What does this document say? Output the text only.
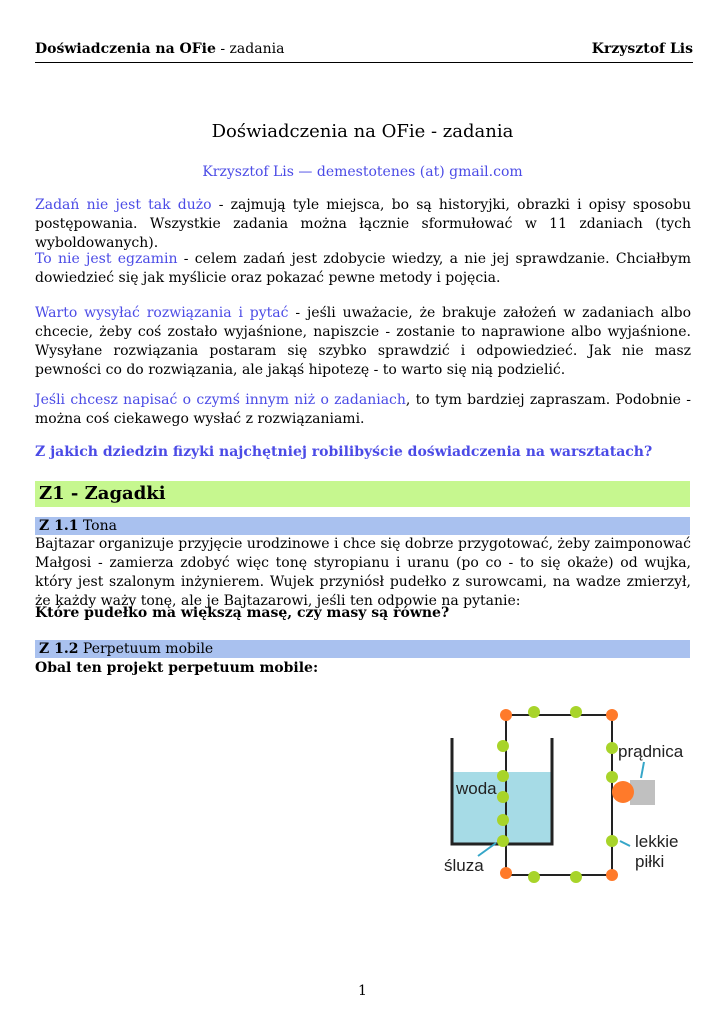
Doświadczenia na OFie - zadania	Krzysztof Lis
Doświadczenia na OFie - zadania
Krzysztof Lis — demestotenes (at) gmail.com
Zadań nie jest tak dużo - zajmują tyle miejsca, bo są historyjki, obrazki i opisy sposobu postępowania. Wszystkie zadania można łącznie sformułować w 11 zdaniach (tych wyboldowanych).
To nie jest egzamin - celem zadań jest zdobycie wiedzy, a nie jej sprawdzanie. Chciałbym dowiedzieć się jak myślicie oraz pokazać pewne metody i pojęcia.
Warto wysyłać rozwiązania i pytać - jeśli uważacie, że brakuje założeń w zadaniach albo chcecie, żeby coś zostało wyjaśnione, napiszcie - zostanie to naprawione albo wyjaśnione. Wysyłane rozwiązania postaram się szybko sprawdzić i odpowiedzieć. Jak nie masz pewności co do rozwiązania, ale jakąś hipotezę - to warto się nią podzielić.
Jeśli chcesz napisać o czymś innym niż o zadaniach, to tym bardziej zapraszam. Podobnie - można coś ciekawego wysłać z rozwiązaniami.
Z jakich dziedzin fizyki najchętniej robilibyście doświadczenia na warsztatach?
Z1 - Zagadki
Z 1.1 Tona
Bajtazar organizuje przyjęcie urodzinowe i chce się dobrze przygotować, żeby zaimponować Małgosi - zamierza zdobyć więc tonę styropianu i uranu (po co - to się okaże) od wujka, który jest szalonym inżynierem. Wujek przyniósł pudełko z surowcami, na wadze zmierzył, że każdy waży tonę, ale je Bajtazarowi, jeśli ten odpowie na pytanie:
Które pudełko ma większą masę, czy masy są równe?
Z 1.2 Perpetuum mobile
Obal ten projekt perpetuum mobile:
woda
prądnica
śluza
lekkie
piłki
1
